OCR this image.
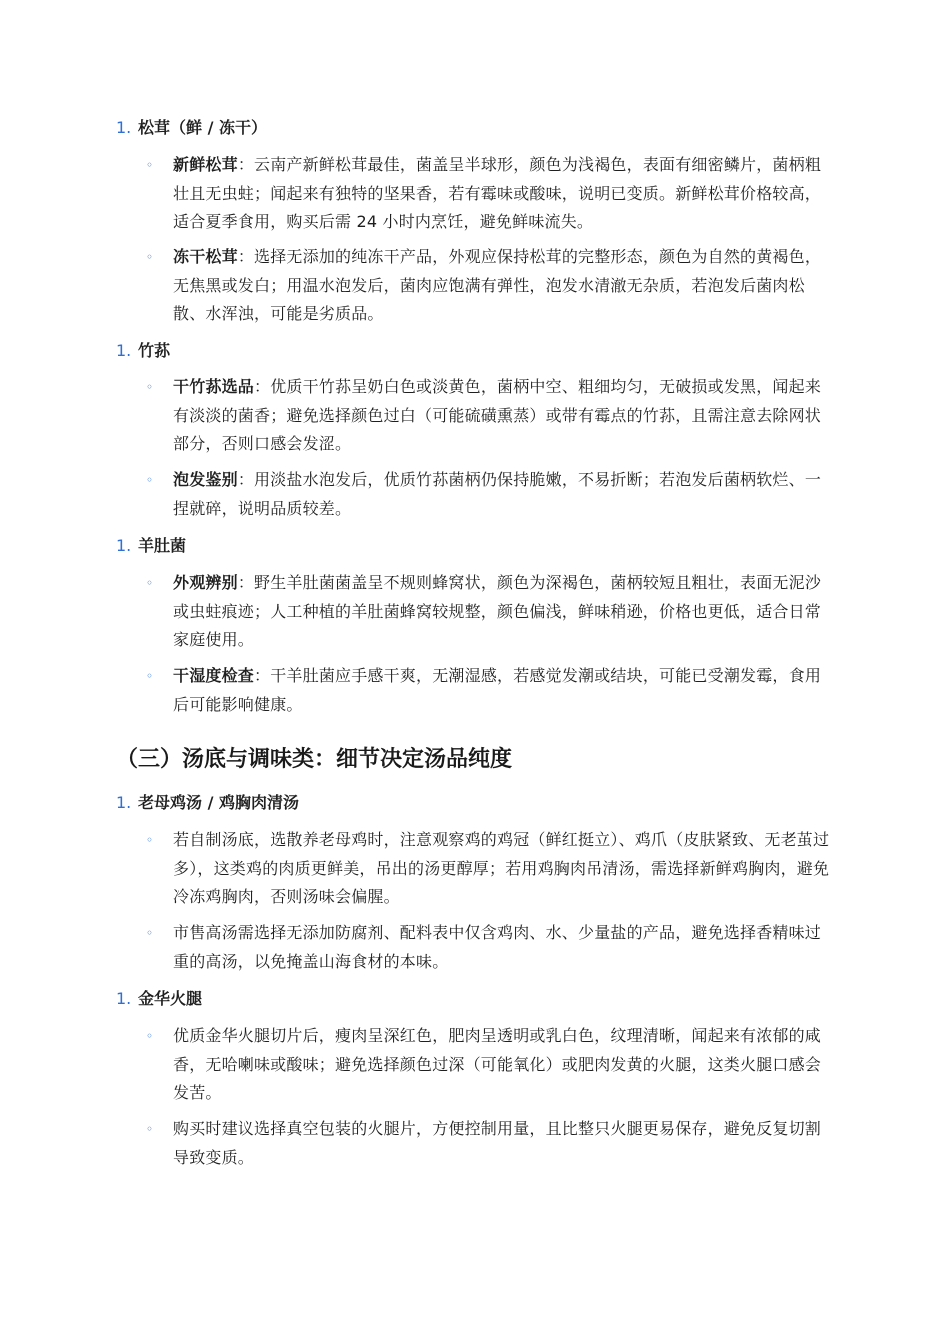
1. 松茸（鲜 / 冻干）
◦ 新鲜松茸：云南产新鲜松茸最佳，菌盖呈半球形，颜色为浅褐色，表面有细密鳞片，菌柄粗壮且无虫蛀；闻起来有独特的坚果香，若有霉味或酸味，说明已变质。新鲜松茸价格较高，适合夏季食用，购买后需 24 小时内烹饪，避免鲜味流失。
◦ 冻干松茸：选择无添加的纯冻干产品，外观应保持松茸的完整形态，颜色为自然的黄褐色，无焦黑或发白；用温水泡发后，菌肉应饱满有弹性，泡发水清澈无杂质，若泡发后菌肉松散、水浑浊，可能是劣质品。
1. 竹荪
◦ 干竹荪选品：优质干竹荪呈奶白色或淡黄色，菌柄中空、粗细均匀，无破损或发黑，闻起来有淡淡的菌香；避免选择颜色过白（可能硫磺熏蒸）或带有霉点的竹荪，且需注意去除网状部分，否则口感会发涩。
◦ 泡发鉴别：用淡盐水泡发后，优质竹荪菌柄仍保持脆嫩，不易折断；若泡发后菌柄软烂、一捏就碎，说明品质较差。
1. 羊肚菌
◦ 外观辨别：野生羊肚菌菌盖呈不规则蜂窝状，颜色为深褐色，菌柄较短且粗壮，表面无泥沙或虫蛀痕迹；人工种植的羊肚菌蜂窝较规整，颜色偏浅，鲜味稍逊，价格也更低，适合日常家庭使用。
◦ 干湿度检查：干羊肚菌应手感干爽，无潮湿感，若感觉发潮或结块，可能已受潮发霉，食用后可能影响健康。
（三）汤底与调味类：细节决定汤品纯度
1. 老母鸡汤 / 鸡胸肉清汤
◦ 若自制汤底，选散养老母鸡时，注意观察鸡的鸡冠（鲜红挺立）、鸡爪（皮肤紧致、无老茧过多），这类鸡的肉质更鲜美，吊出的汤更醇厚；若用鸡胸肉吊清汤，需选择新鲜鸡胸肉，避免冷冻鸡胸肉，否则汤味会偏腥。
◦ 市售高汤需选择无添加防腐剂、配料表中仅含鸡肉、水、少量盐的产品，避免选择香精味过重的高汤，以免掩盖山海食材的本味。
1. 金华火腿
◦ 优质金华火腿切片后，瘦肉呈深红色，肥肉呈透明或乳白色，纹理清晰，闻起来有浓郁的咸香，无哈喇味或酸味；避免选择颜色过深（可能氧化）或肥肉发黄的火腿，这类火腿口感会发苦。
◦ 购买时建议选择真空包装的火腿片，方便控制用量，且比整只火腿更易保存，避免反复切割导致变质。
